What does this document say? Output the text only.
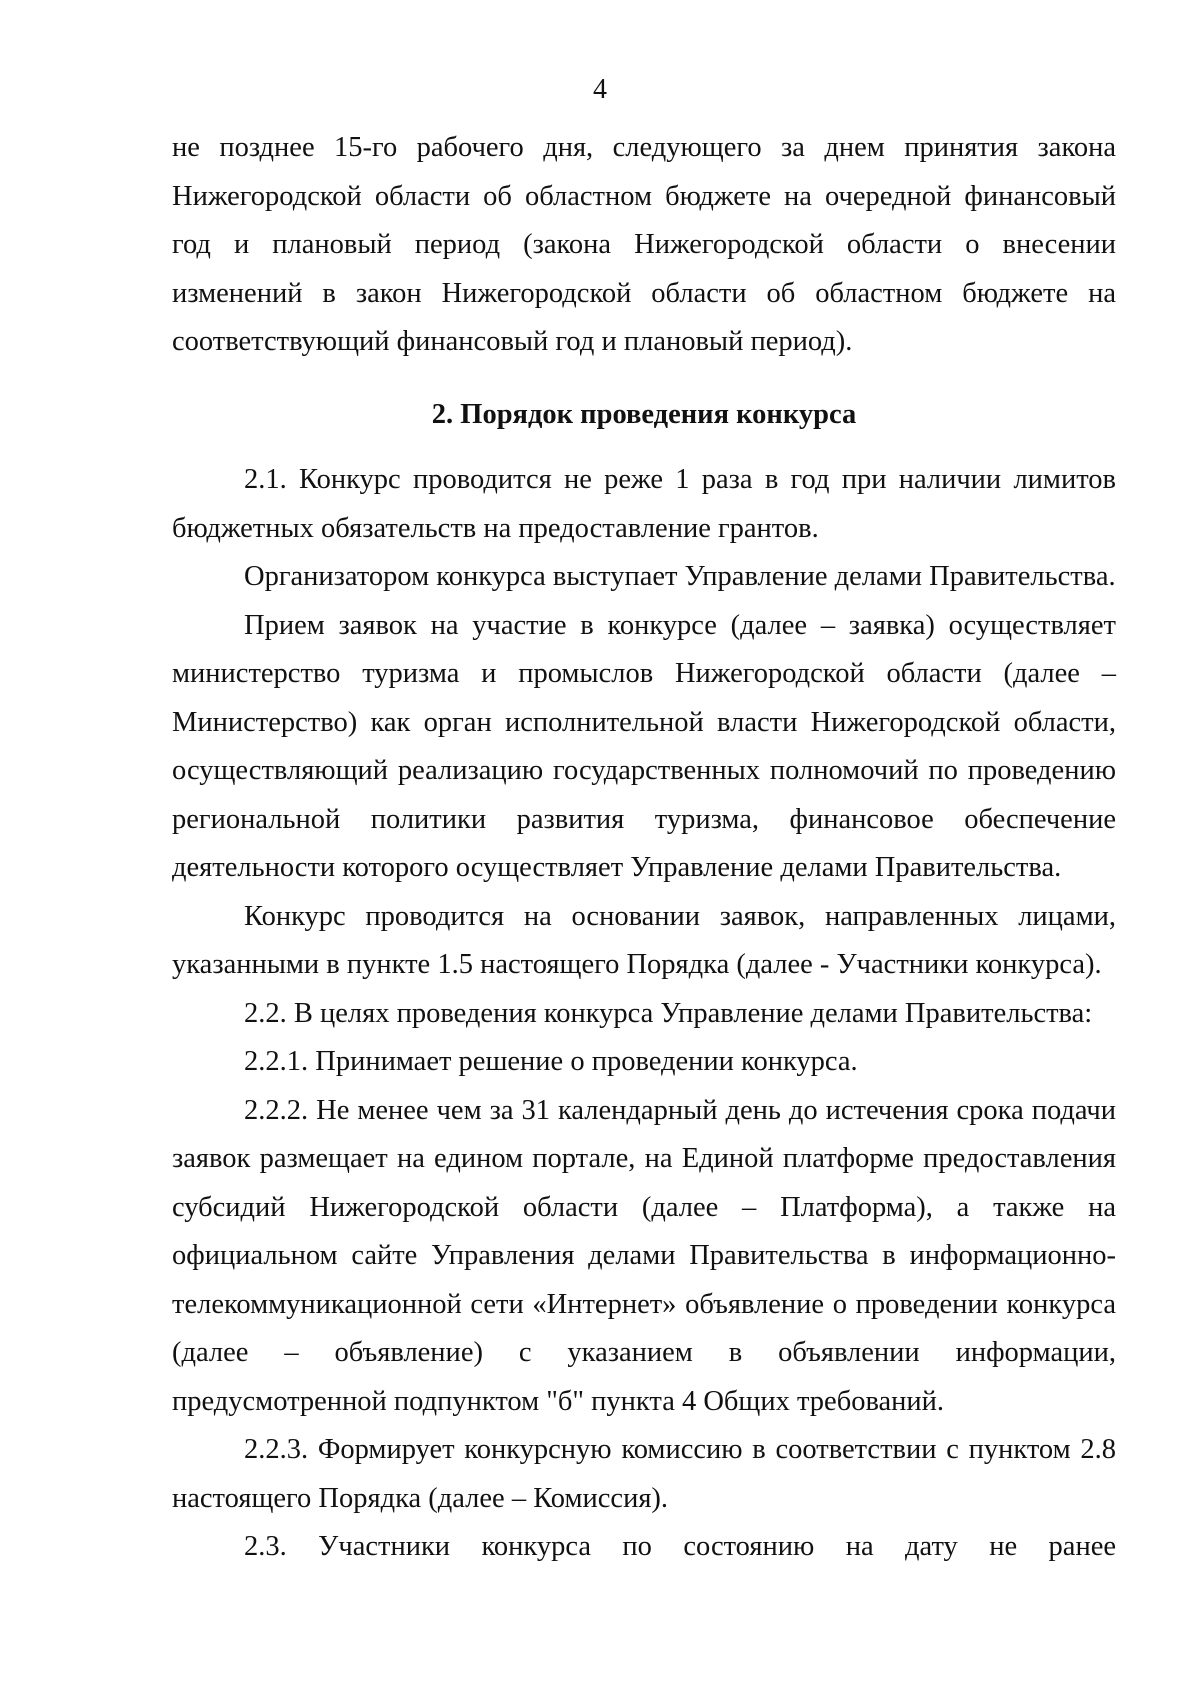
4

не позднее 15-го рабочего дня, следующего за днем принятия закона Нижегородской области об областном бюджете на очередной финансовый год и плановый период (закона Нижегородской области о внесении изменений в закон Нижегородской области об областном бюджете на соответствующий финансовый год и плановый период).

2. Порядок проведения конкурса

2.1. Конкурс проводится не реже 1 раза в год при наличии лимитов бюджетных обязательств на предоставление грантов.

Организатором конкурса выступает Управление делами Правительства.

Прием заявок на участие в конкурсе (далее – заявка) осуществляет министерство туризма и промыслов Нижегородской области (далее – Министерство) как орган исполнительной власти Нижегородской области, осуществляющий реализацию государственных полномочий по проведению региональной политики развития туризма, финансовое обеспечение деятельности которого осуществляет Управление делами Правительства.

Конкурс проводится на основании заявок, направленных лицами, указанными в пункте 1.5 настоящего Порядка (далее - Участники конкурса).

2.2. В целях проведения конкурса Управление делами Правительства:

2.2.1. Принимает решение о проведении конкурса.

2.2.2. Не менее чем за 31 календарный день до истечения срока подачи заявок размещает на едином портале, на Единой платформе предоставления субсидий Нижегородской области (далее – Платформа), а также на официальном сайте Управления делами Правительства в информационно-телекоммуникационной сети «Интернет» объявление о проведении конкурса (далее – объявление) с указанием в объявлении информации, предусмотренной подпунктом "б" пункта 4 Общих требований.

2.2.3. Формирует конкурсную комиссию в соответствии с пунктом 2.8 настоящего Порядка (далее – Комиссия).

2.3. Участники конкурса по состоянию на дату не ранее
